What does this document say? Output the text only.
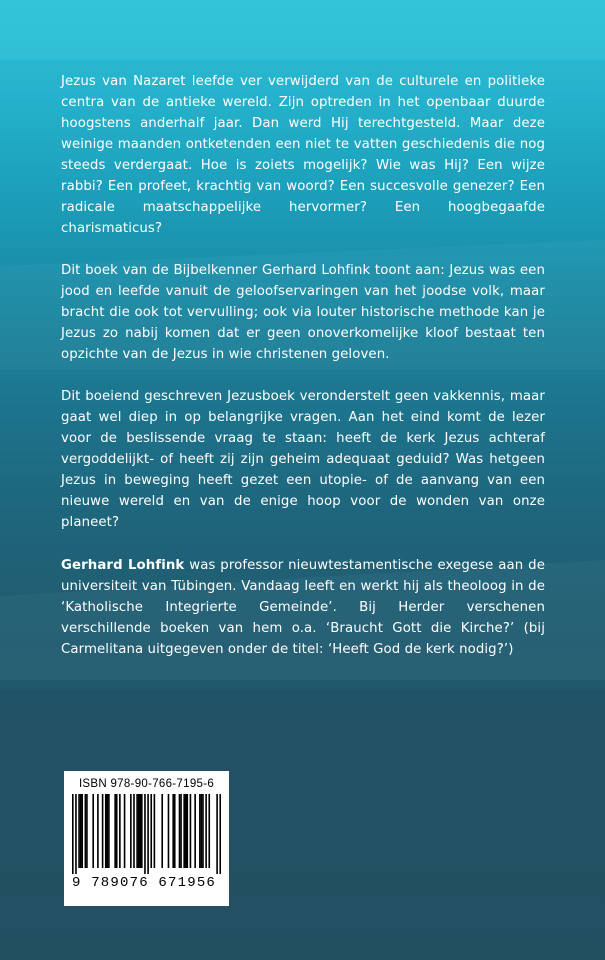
Jezus van Nazaret leefde ver verwijderd van de culturele en politieke centra van de antieke wereld. Zijn optreden in het openbaar duurde hoogstens anderhalf jaar. Dan werd Hij terechtgesteld. Maar deze weinige maanden ontketenden een niet te vatten geschiedenis die nog steeds verdergaat. Hoe is zoiets mogelijk? Wie was Hij? Een wijze rabbi? Een profeet, krachtig van woord? Een succesvolle genezer? Een radicale maatschappelijke hervormer? Een hoogbegaafde charismaticus?

Dit boek van de Bijbelkenner Gerhard Lohfink toont aan: Jezus was een jood en leefde vanuit de geloofservaringen van het joodse volk, maar bracht die ook tot vervulling; ook via louter historische methode kan je Jezus zo nabij komen dat er geen onoverkomelijke kloof bestaat ten opzichte van de Jezus in wie christenen geloven.

Dit boeiend geschreven Jezusboek veronderstelt geen vakkennis, maar gaat wel diep in op belangrijke vragen. Aan het eind komt de lezer voor de beslissende vraag te staan: heeft de kerk Jezus achteraf vergoddelijkt- of heeft zij zijn geheim adequaat geduid? Was hetgeen Jezus in beweging heeft gezet een utopie- of de aanvang van een nieuwe wereld en van de enige hoop voor de wonden van onze planeet?

Gerhard Lohfink was professor nieuwtestamentische exegese aan de universiteit van Tübingen. Vandaag leeft en werkt hij als theoloog in de ‘Katholische Integrierte Gemeinde’. Bij Herder verschenen verschillende boeken van hem o.a. ‘Braucht Gott die Kirche?’ (bij Carmelitana uitgegeven onder de titel: ‘Heeft God de kerk nodig?’)

ISBN 978-90-766-7195-6
9 789076 671956
